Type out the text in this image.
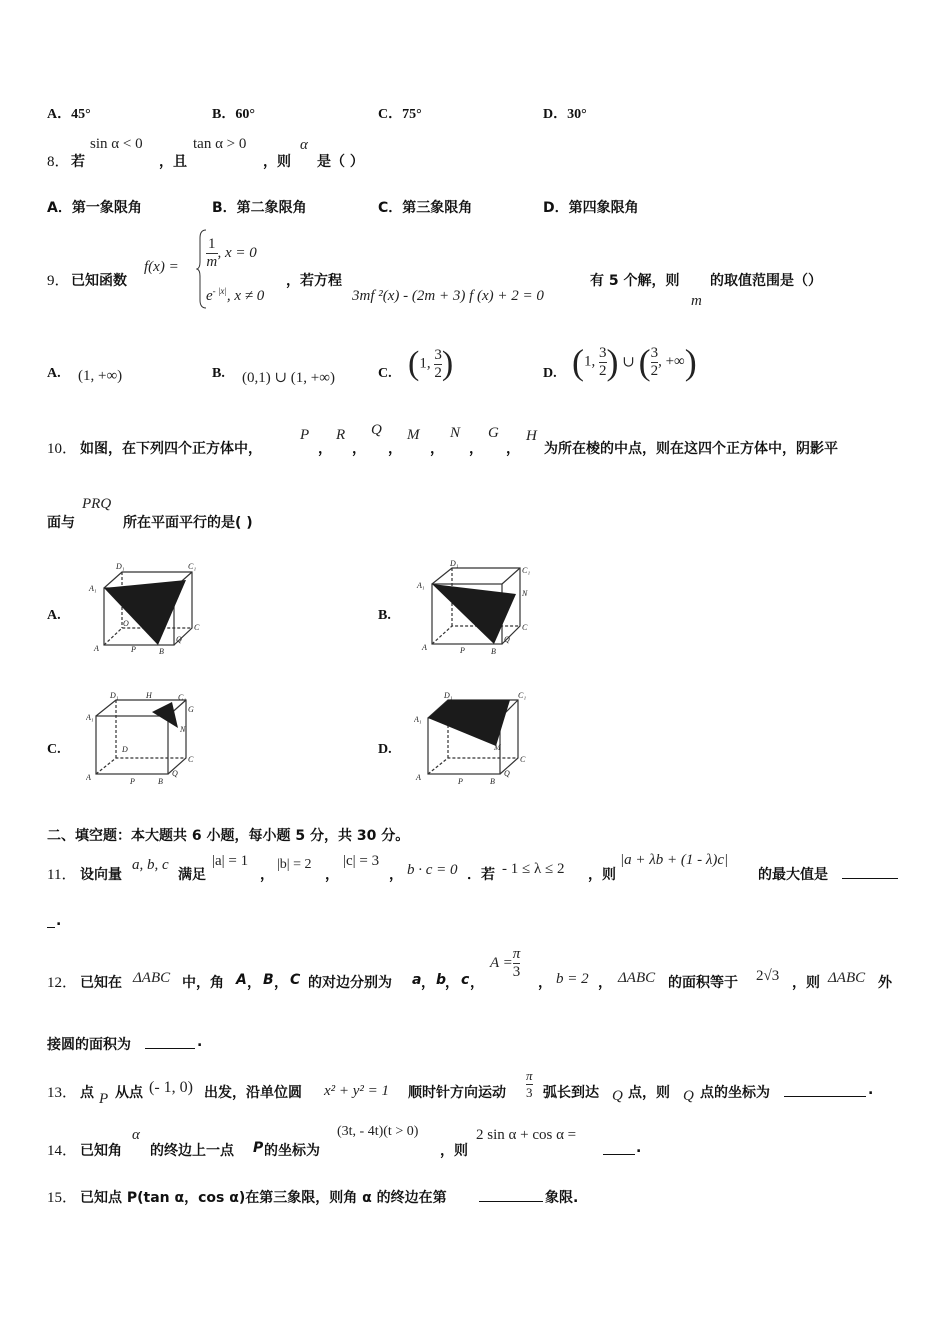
A．45°	B．60°	C．75°	D．30°
8． 若
sin α < 0
，且
tan α > 0
，则
α
是（ ）
A．第一象限角	B．第二象限角	C．第三象限角	D．第四象限角
9． 已知函数
$f(x) = \frac{1}{m}$ , x = 0
$e^{- |x|}$, x ≠ 0
，若方程
3mf ²(x) - (2m + 3) f (x) + 2 = 0
有 5 个解，则
m
的取值范围是（）
A. (1, +∞)	B. (0,1) ∪ (1, +∞)	C. (1, $\frac{3}{2}$ )	D. (1, $\frac{3}{2}$ ) ∪ ( $\frac{3}{2}$ , +∞)
10． 如图，在下列四个正方体中，
P
，
R
，
Q
，
M
，
N
，
G
，
H
为所在棱的中点，则在这四个正方体中，阴影平
面与
PRQ
所在平面平行的是( )
A.	B.
C.	D.
A₁
D₁	C₁
C
A	P	B
Q
O
A₁
D₁
C₁
N
C
Q
A	P	B
D₁	H	C₁
A₁
G
N
D
C
A	P	B
Q
D₁	C₁
A₁
M
C
Q
A	P	B
二、填空题：本大题共 6 小题，每小题 5 分，共 30 分。
11． 设向量
a, b, c
满足
|a| = 1
，
|b| = 2
，
|c| = 3
， b · c = 0 ．若 - 1 ≤ λ ≤ 2 ，则
|a + λb + (1 - λ)c|
的最大值是
.
12． 已知在 ΔABC 中，角 A ， B ， C 的对边分别为 a ， b
， c ，
$A = \frac{\pi}{3}$
， b = 2 ， ΔABC 的面积等于 2√3 ，则 ΔABC 外
接圆的面积为	.
13． 点 P 从点 (- 1, 0) 出发，沿单位圆 x² + y² = 1 顺时针方向运动 $\frac{\pi}{3}$ 弧长到达 Q 点，则 Q 点的坐标为	.
14． 已知角
α
的终边上一点 P 的坐标为
(3t, - 4t)(t > 0)
，则
2 sin α + cos α =
.
15． 已知点 P(tan α，cos α)在第三象限，则角 α 的终边在第	象限.
